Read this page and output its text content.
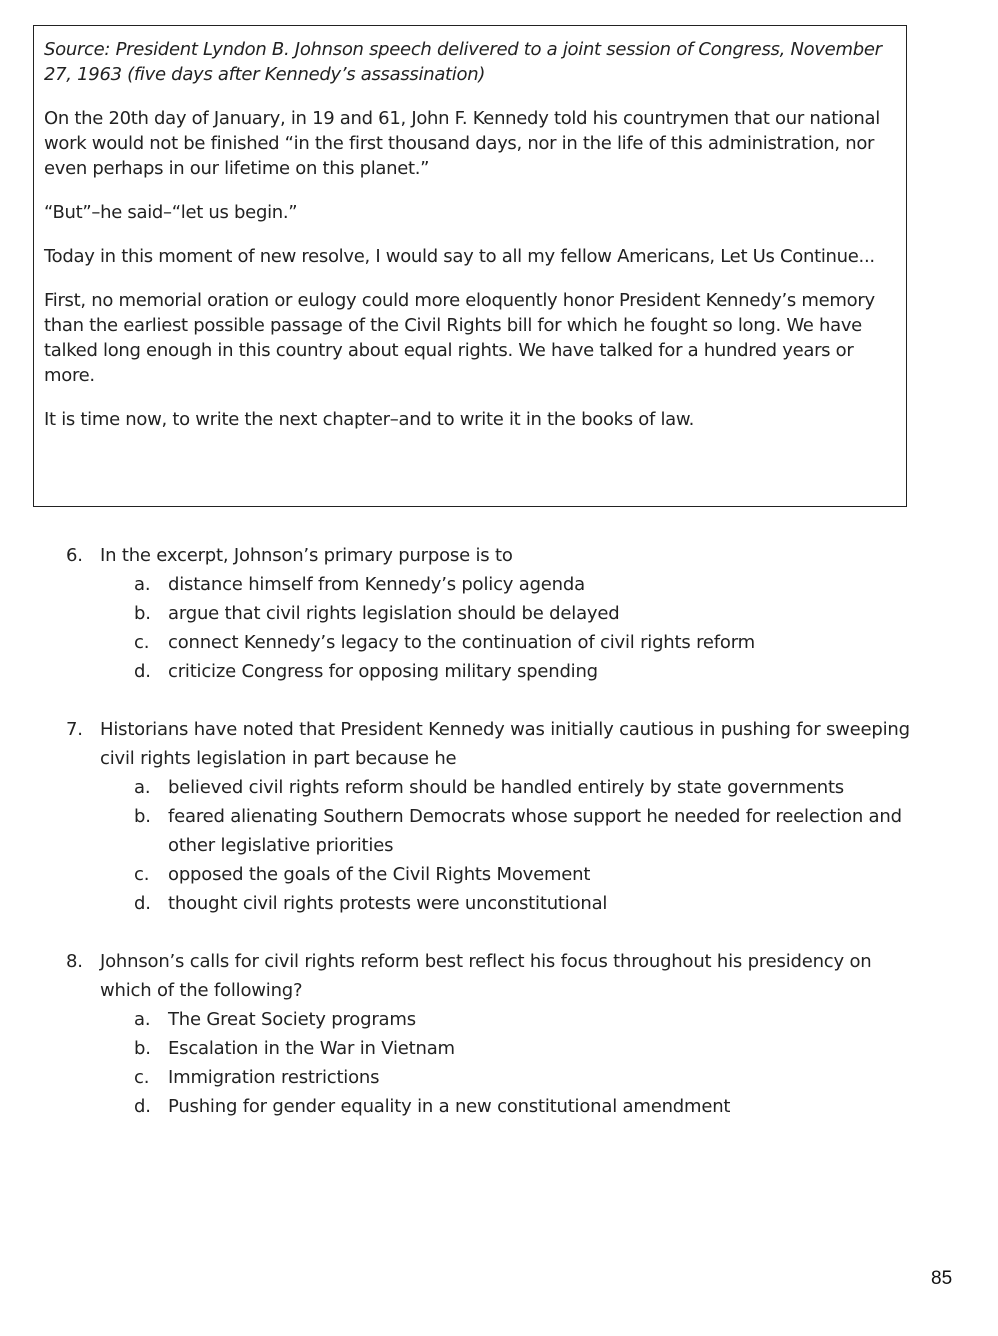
Source: President Lyndon B. Johnson speech delivered to a joint session of Congress, November 27, 1963 (five days after Kennedy’s assassination)

On the 20th day of January, in 19 and 61, John F. Kennedy told his countrymen that our national work would not be finished “in the first thousand days, nor in the life of this administration, nor even perhaps in our lifetime on this planet.”

“But”–he said–“let us begin.”

Today in this moment of new resolve, I would say to all my fellow Americans, Let Us Continue...

First, no memorial oration or eulogy could more eloquently honor President Kennedy’s memory than the earliest possible passage of the Civil Rights bill for which he fought so long. We have talked long enough in this country about equal rights. We have talked for a hundred years or more.

It is time now, to write the next chapter–and to write it in the books of law.

6. In the excerpt, Johnson’s primary purpose is to
a. distance himself from Kennedy’s policy agenda
b. argue that civil rights legislation should be delayed
c.	connect Kennedy’s legacy to the continuation of civil rights reform
d. criticize Congress for opposing military spending
7. Historians have noted that President Kennedy was initially cautious in pushing for sweeping civil rights legislation in part because he
a. believed civil rights reform should be handled entirely by state governments
b. feared alienating Southern Democrats whose support he needed for reelection and other legislative priorities
c.	opposed the goals of the Civil Rights Movement
d. thought civil rights protests were unconstitutional
8. Johnson’s calls for civil rights reform best reflect his focus throughout his presidency on which of the following?
a. The Great Society programs
b. Escalation in the War in Vietnam
c.	Immigration restrictions
d. Pushing for gender equality in a new constitutional amendment
85
